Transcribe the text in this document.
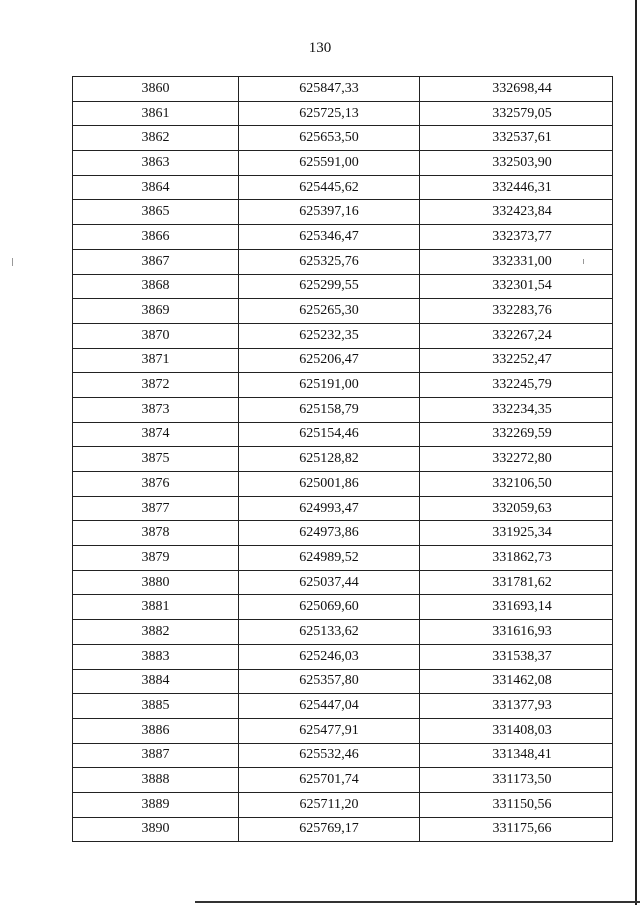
130
3860	625847,33	332698,44
3861	625725,13	332579,05
3862	625653,50	332537,61
3863	625591,00	332503,90
3864	625445,62	332446,31
3865	625397,16	332423,84
3866	625346,47	332373,77
3867	625325,76	332331,00
3868	625299,55	332301,54
3869	625265,30	332283,76
3870	625232,35	332267,24
3871	625206,47	332252,47
3872	625191,00	332245,79
3873	625158,79	332234,35
3874	625154,46	332269,59
3875	625128,82	332272,80
3876	625001,86	332106,50
3877	624993,47	332059,63
3878	624973,86	331925,34
3879	624989,52	331862,73
3880	625037,44	331781,62
3881	625069,60	331693,14
3882	625133,62	331616,93
3883	625246,03	331538,37
3884	625357,80	331462,08
3885	625447,04	331377,93
3886	625477,91	331408,03
3887	625532,46	331348,41
3888	625701,74	331173,50
3889	625711,20	331150,56
3890	625769,17	331175,66
